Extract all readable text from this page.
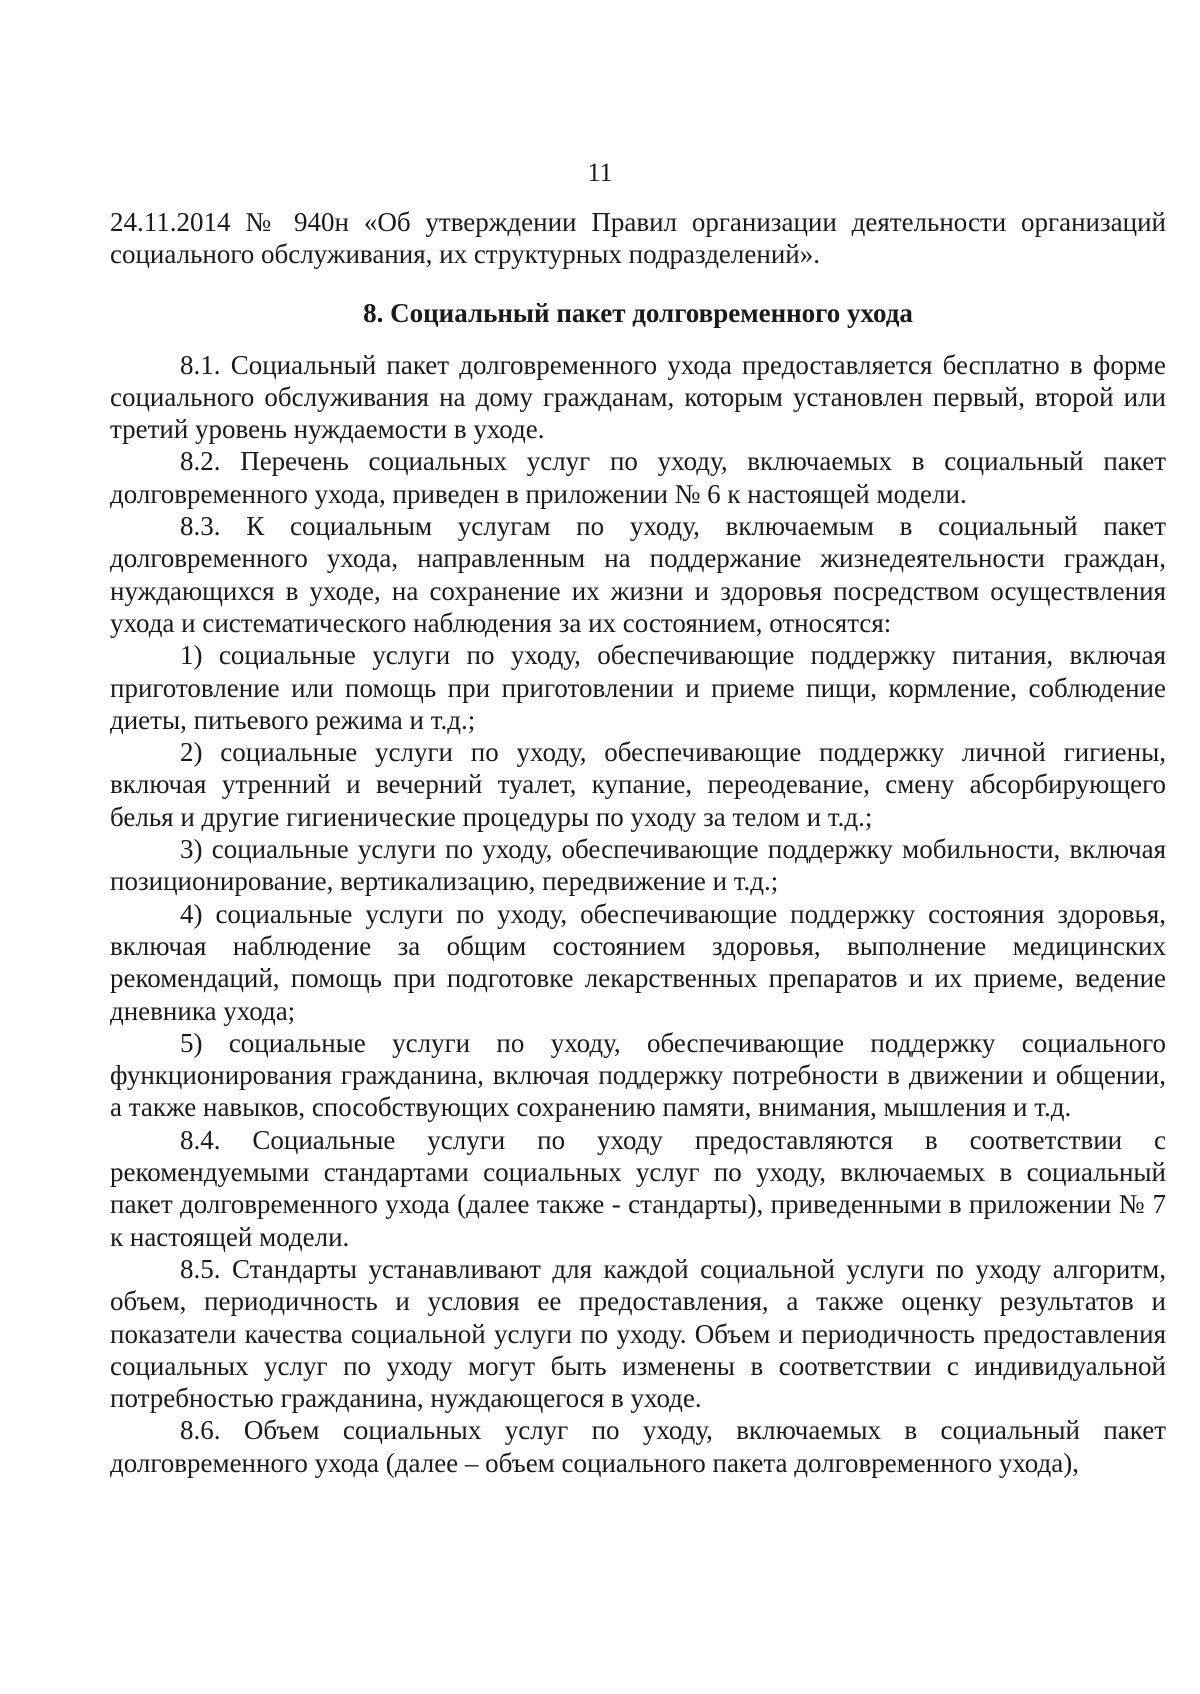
11

24.11.2014 № 940н «Об утверждении Правил организации деятельности организаций социального обслуживания, их структурных подразделений».

8. Социальный пакет долговременного ухода

8.1. Социальный пакет долговременного ухода предоставляется бесплатно в форме социального обслуживания на дому гражданам, которым установлен первый, второй или третий уровень нуждаемости в уходе.

8.2. Перечень социальных услуг по уходу, включаемых в социальный пакет долговременного ухода, приведен в приложении № 6 к настоящей модели.

8.3. К социальным услугам по уходу, включаемым в социальный пакет долговременного ухода, направленным на поддержание жизнедеятельности граждан, нуждающихся в уходе, на сохранение их жизни и здоровья посредством осуществления ухода и систематического наблюдения за их состоянием, относятся:

1) социальные услуги по уходу, обеспечивающие поддержку питания, включая приготовление или помощь при приготовлении и приеме пищи, кормление, соблюдение диеты, питьевого режима и т.д.;

2) социальные услуги по уходу, обеспечивающие поддержку личной гигиены, включая утренний и вечерний туалет, купание, переодевание, смену абсорбирующего белья и другие гигиенические процедуры по уходу за телом и т.д.;

3) социальные услуги по уходу, обеспечивающие поддержку мобильности, включая позиционирование, вертикализацию, передвижение и т.д.;

4) социальные услуги по уходу, обеспечивающие поддержку состояния здоровья, включая наблюдение за общим состоянием здоровья, выполнение медицинских рекомендаций, помощь при подготовке лекарственных препаратов и их приеме, ведение дневника ухода;

5) социальные услуги по уходу, обеспечивающие поддержку социального функционирования гражданина, включая поддержку потребности в движении и общении, а также навыков, способствующих сохранению памяти, внимания, мышления и т.д.

8.4. Социальные услуги по уходу предоставляются в соответствии с рекомендуемыми стандартами социальных услуг по уходу, включаемых в социальный пакет долговременного ухода (далее также - стандарты), приведенными в приложении № 7 к настоящей модели.

8.5. Стандарты устанавливают для каждой социальной услуги по уходу алгоритм, объем, периодичность и условия ее предоставления, а также оценку результатов и показатели качества социальной услуги по уходу. Объем и периодичность предоставления социальных услуг по уходу могут быть изменены в соответствии с индивидуальной потребностью гражданина, нуждающегося в уходе.

8.6. Объем социальных услуг по уходу, включаемых в социальный пакет долговременного ухода (далее – объем социального пакета долговременного ухода),
